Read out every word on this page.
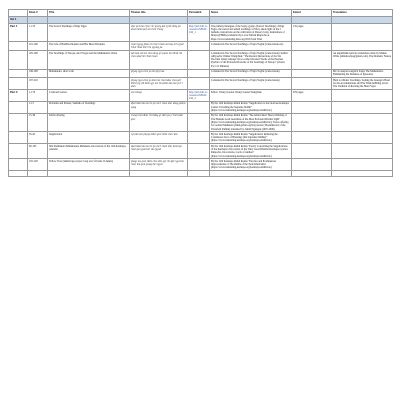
	Dzaö-V	Title	Tibetan title	Permalink	Notes	Extent	Translation
Vol 1							
Part 1	1-153	The Sacred Teachings of Rigs Tigpo	thar pa'i lam 'kyer rin 'gyang dal 'grub thing pa dram lahal pa'i zin chen 'thung	http://purl.bdrc.io/resource/MW4CZ42_1	The primary theurgies of the Sopry-gyalpo (Sacred Teachings) of Rigs Tigpo, the sacred and edited teachings of Tibet, sheds light on the 5 Jeshutis, instructions on the cultivation of illusory body, meditations of Marpa (PHMA) translated by Lorra Simrad Rinpoche at https://www.translating.tibet.org/2016 from Tibet	135 pages	
	191-196	The Life of Buddha Jinasutra and His Heart Disciples	rnam rgyag phan rin rtsa'i rnam mo'ong la'i rgyud 'bhul rbum lha'i rin rgyang pa		Contained in The Sacred Teachings of Vajra Yogini (Lama Jetsun ed.)		
	195-198	The Teachings of Naropa, the 6 Yogas and the Mahamudra Union	zab lam rab mo chos drug gi nyams len khrid rim chos sdud rim 'thab rnam		Contained in The Sacred Teachings of Vajra Yogini (Lama Jetsun) 'Adhist Ahlyoscha Chitkar Wangchuk; "The Reward Instructions of the Six Doctrine Using Lineage: On so-called Ozosteri Words of the Peerless Pyrrhics of the Profound Doctrine of Six Teachings of Naropa" (Ocean Ey.1-21 Shinsite)		An unpublished private translation exists by Manak Wilde (shinrdzodpa@gmail.com). The Dramatic Nature
	196-198	Mahamudra, short form	phyag rgya chen po tha phyi ma		Contained in The Sacred Teachings of Vajra Yogini (Lama Jetsun)		Mi Ch Anzpei Gangdrol Sangs The Mahamudra: Eliminating the Darkness of Ignorance
	197-216		phyag rgya chen po khor ba rtsa bsdus chos pa'i khrid yig yid bzhin gyi nor bu bzhin bla mar yid 'i dum		Contained in The Sacred Teachings of Vajra Yogini (Lama Jetsun)		Hard to Obtain: Teachings, Sealing the Lineage's Heart for the Accumulations and The Wish-fulfilling Jewel: The Tradition of Reciting the Heart Vajra
Part 2	1-176	Collected Letters	sna tshogs	http://purl.bdrc.io/resource/MW4CZ42_2	Editor: Chokyi Gedon Chokyi Gedon Wangchuk	976 pages	
	1-15	Problems and Praises; Sakhaha of Teachings	dpal ldan bla ma rin po che'i rnam thar dang gdams ngag		By the 12th Karmapa Rahul Ronita "Supplication to the Glorious Karmapa Lamas: Unveiling the Supreme Siddhi" (https://www.translating.karmapa.org/karmapa-siddhi-bio)		
	15-36	Terma offering	srung brtol dbus 'chi bdag gi 'dzin po yi 'bul bskul gtor		By the 12th Karmapa Rahul Ronita "The Abbreviated Tireesi Offering of The Hamena Lead Guardians of the Most Profound Pristine Sight" (https://www.translating.karmapa.org/karmapa-siddhi-bio); Tsotsa offering for Gedtrul Mahakala (dahd.gdtrul.org/tlan) series (Thodanbrawd of the Threefold Pamini) translated by Jamid Ngungen (2005-2006)		
	35-45	Supplication	rje bla ma'i phyag bzhes gsol 'debs chos 'dus		By the 12th Karmapa Rahul Ronita "Supplication: Reducing the Continuous Slow of Blessings (the Supreme Siddhis)" (https://www.translating.karmapa.org/karmapa-siddhi-bio)		
	90-105	Shri Padmakara Mahakaruna Mahakala, Invocations of the 12th Karmapa, calendar	dpal ldan bla ma rin po che'i rnam thar bstod pa rnam pa rgyal ba'i sku rgyud		By the 12th Karmapa Rahul Ronita "Poetry Concerning the Supplications of the Karmapa's Invocation of the Truly Great Dharma Karmapa-Gyalwa Rinpoche, Invocations, Lords of Anthers" (https://www.translating.karmapa.org/karmapa-siddhi-bio)		
	105-128	Yellow Trou (Sukhavapa prayer: long text 'of home 'm hustle)	phags mo gsol 'debs chos shin gyi rin dpe'i gyal ba rtod; tha gsol gsang ba'i rgyas		By the 12th Karmapa Rahul Ronita "Practice and Prominences Improvements of The Riddle of the Tsele Khrul-khor (https://www.translating.karmapa.org/karmapa-siddhi-bio)		
